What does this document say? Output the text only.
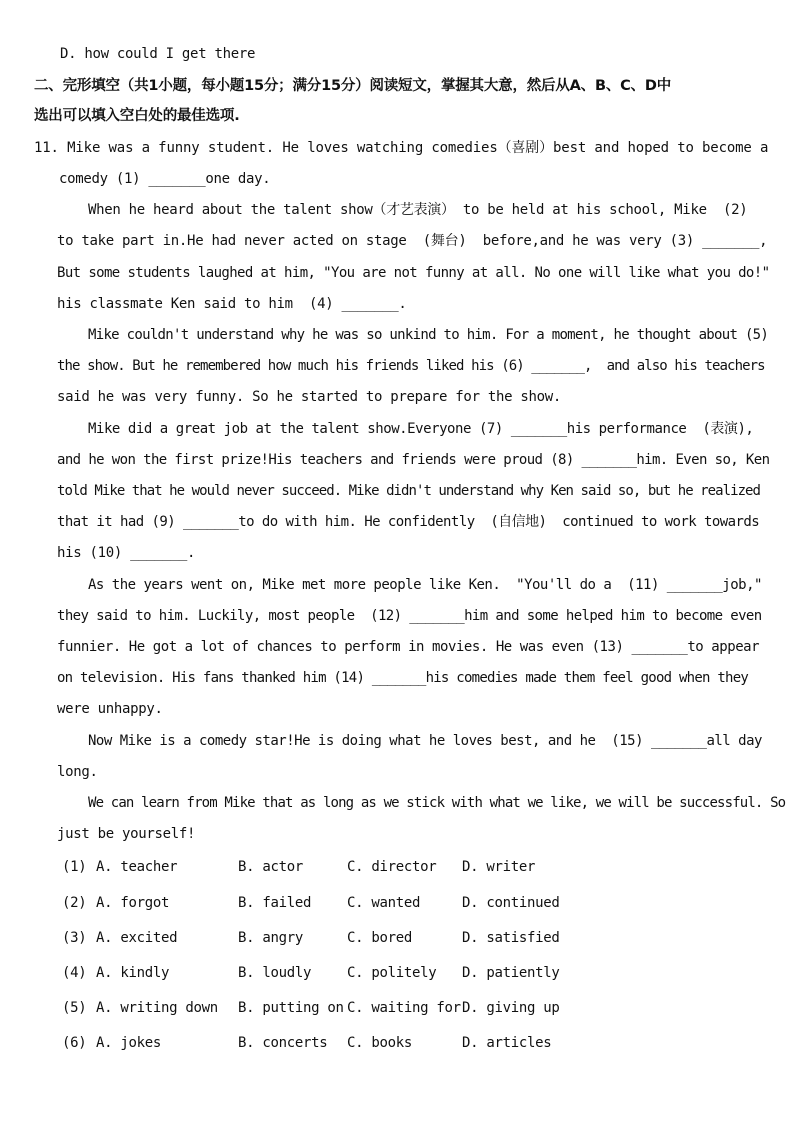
D. how could I get there
二、完形填空（共1小题，每小题15分；满分15分）阅读短文，掌握其大意，然后从A、B、C、D中
选出可以填入空白处的最佳选项.
11. Mike was a funny student. He loves watching comedies（喜剧）best and hoped to become a
comedy (1) _______one day.
When he heard about the talent show（才艺表演） to be held at his school, Mike  (2)
to take part in.He had never acted on stage  (舞台)  before,and he was very (3) _______,
But some students laughed at him, "You are not funny at all. No one will like what you do!"
his classmate Ken said to him  (4) _______.
Mike couldn't understand why he was so unkind to him. For a moment, he thought about (5)
the show. But he remembered how much his friends liked his (6) _______,  and also his teachers
said he was very funny. So he started to prepare for the show.
Mike did a great job at the talent show.Everyone (7) _______his performance  (表演),
and he won the first prize!His teachers and friends were proud (8) _______him. Even so, Ken
told Mike that he would never succeed. Mike didn't understand why Ken said so, but he realized
that it had (9) _______to do with him. He confidently  (自信地)  continued to work towards
his (10) _______.
As the years went on, Mike met more people like Ken.  "You'll do a  (11) _______job,"
they said to him. Luckily, most people  (12) _______him and some helped him to become even
funnier. He got a lot of chances to perform in movies. He was even (13) _______to appear
on television. His fans thanked him (14) _______his comedies made them feel good when they
were unhappy.
Now Mike is a comedy star!He is doing what he loves best, and he  (15) _______all day
long.
We can learn from Mike that as long as we stick with what we like, we will be successful. So
just be yourself!
(1) A. teacher	B. actor	C. director D. writer
(2) A. forgot	B. failed	C. wanted	D. continued
(3) A. excited	B. angry	C. bored	D. satisfied
(4) A. kindly	B. loudly	C. politely D. patiently
(5) A. writing down B. putting on C. waiting for D. giving up
(6) A. jokes	B. concerts C. books	D. articles
